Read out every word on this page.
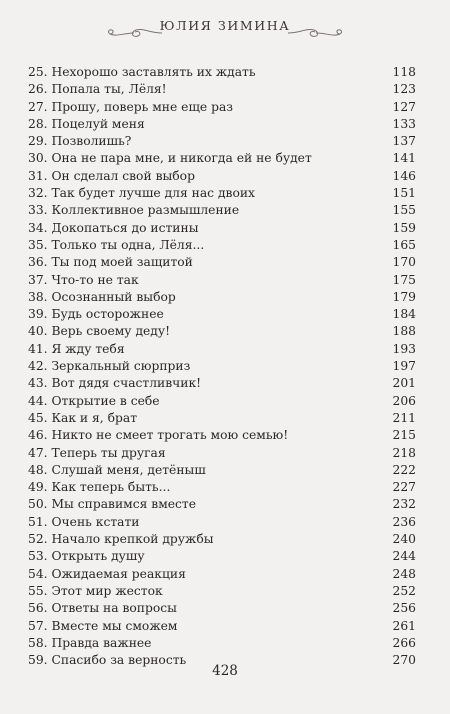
ЮЛИЯ ЗИМИНА
25. Нехорошо заставлять их ждать	118
26. Попала ты, Лёля!	123
27. Прошу, поверь мне еще раз	127
28. Поцелуй меня	133
29. Позволишь?	137
30. Она не пара мне, и никогда ей не будет	141
31. Он сделал свой выбор	146
32. Так будет лучше для нас двоих	151
33. Коллективное размышление	155
34. Докопаться до истины	159
35. Только ты одна, Лёля...	165
36. Ты под моей защитой	170
37. Что-то не так	175
38. Осознанный выбор	179
39. Будь осторожнее	184
40. Верь своему деду!	188
41. Я жду тебя	193
42. Зеркальный сюрприз	197
43. Вот дядя счастливчик!	201
44. Открытие в себе	206
45. Как и я, брат	211
46. Никто не смеет трогать мою семью!	215
47. Теперь ты другая	218
48. Слушай меня, детёныш	222
49. Как теперь быть...	227
50. Мы справимся вместе	232
51. Очень кстати	236
52. Начало крепкой дружбы	240
53. Открыть душу	244
54. Ожидаемая реакция	248
55. Этот мир жесток	252
56. Ответы на вопросы	256
57. Вместе мы сможем	261
58. Правда важнее	266
59. Спасибо за верность	270
428
